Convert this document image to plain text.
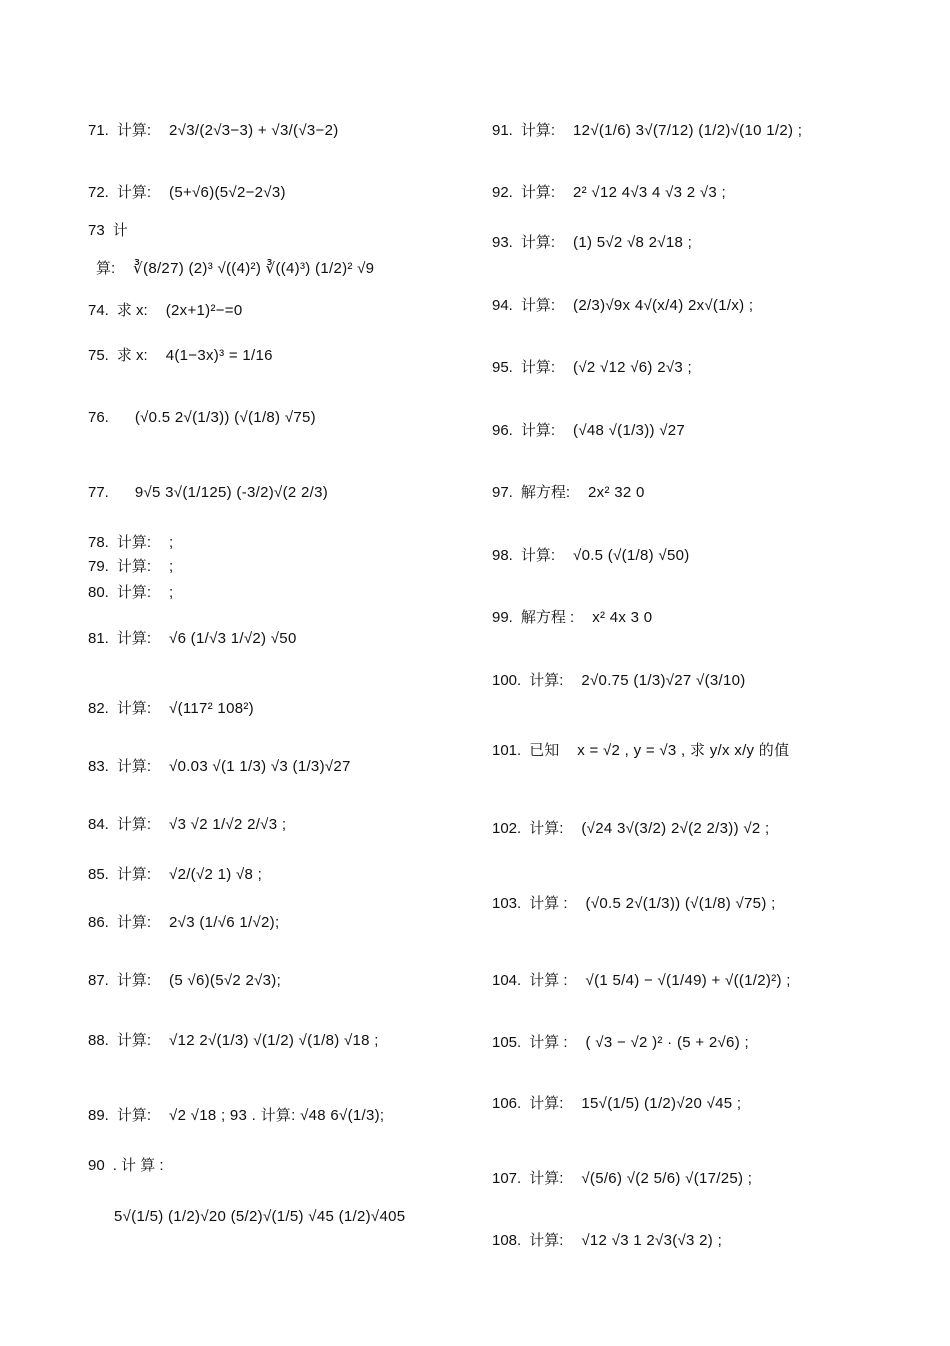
71. 计算: 2√3/(2√3−3) + √3/(√3−2)
72. 计算: (5+√6)(5√2−2√3)
73 计
算: ∛(8/27) (2)³ √((4)²) ∛((4)³) (1/2)² √9
74. 求 x: (2x+1)²−=0
75. 求 x: 4(1−3x)³ = 1/16
76. (√0.5 2√(1/3)) (√(1/8) √75)
77. 9√5 3√(1/125) (-3/2)√(2 2/3)
78. 计算: ;
79. 计算: ;
80. 计算: ;
81. 计算: √6 (1/√3 1/√2) √50
82. 计算: √(117² 108²)
83. 计算: √0.03 √(1 1/3) √3 (1/3)√27
84. 计算: √3 √2 1/√2 2/√3 ;
85. 计算: √2/(√2 1) √8 ;
86. 计算: 2√3 (1/√6 1/√2);
87. 计算: (5 √6)(5√2 2√3);
88. 计算: √12 2√(1/3) √(1/2) √(1/8) √18 ;
89. 计算: √2 √18 ; 93 . 计算: √48 6√(1/3);
90 . 计 算 :
5√(1/5) (1/2)√20 (5/2)√(1/5) √45 (1/2)√405
91. 计算: 12√(1/6) 3√(7/12) (1/2)√(10 1/2) ;
92. 计算: 2² √12 4√3 4 √3 2 √3 ;
93. 计算: (1) 5√2 √8 2√18 ;
94. 计算: (2/3)√9x 4√(x/4) 2x√(1/x) ;
95. 计算: (√2 √12 √6) 2√3 ;
96. 计算: (√48 √(1/3)) √27
97. 解方程: 2x² 32 0
98. 计算: √0.5 (√(1/8) √50)
99. 解方程 : x² 4x 3 0
100. 计算: 2√0.75 (1/3)√27 √(3/10)
101. 已知 x = √2 , y = √3 , 求 y/x x/y 的值
102. 计算: (√24 3√(3/2) 2√(2 2/3)) √2 ;
103. 计算 : (√0.5 2√(1/3)) (√(1/8) √75) ;
104. 计算 : √(1 5/4) − √(1/49) + √((1/2)²) ;
105. 计算 : ( √3 − √2 )² · (5 + 2√6) ;
106. 计算: 15√(1/5) (1/2)√20 √45 ;
107. 计算: √(5/6) √(2 5/6) √(17/25) ;
108. 计算: √12 √3 1 2√3(√3 2) ;
